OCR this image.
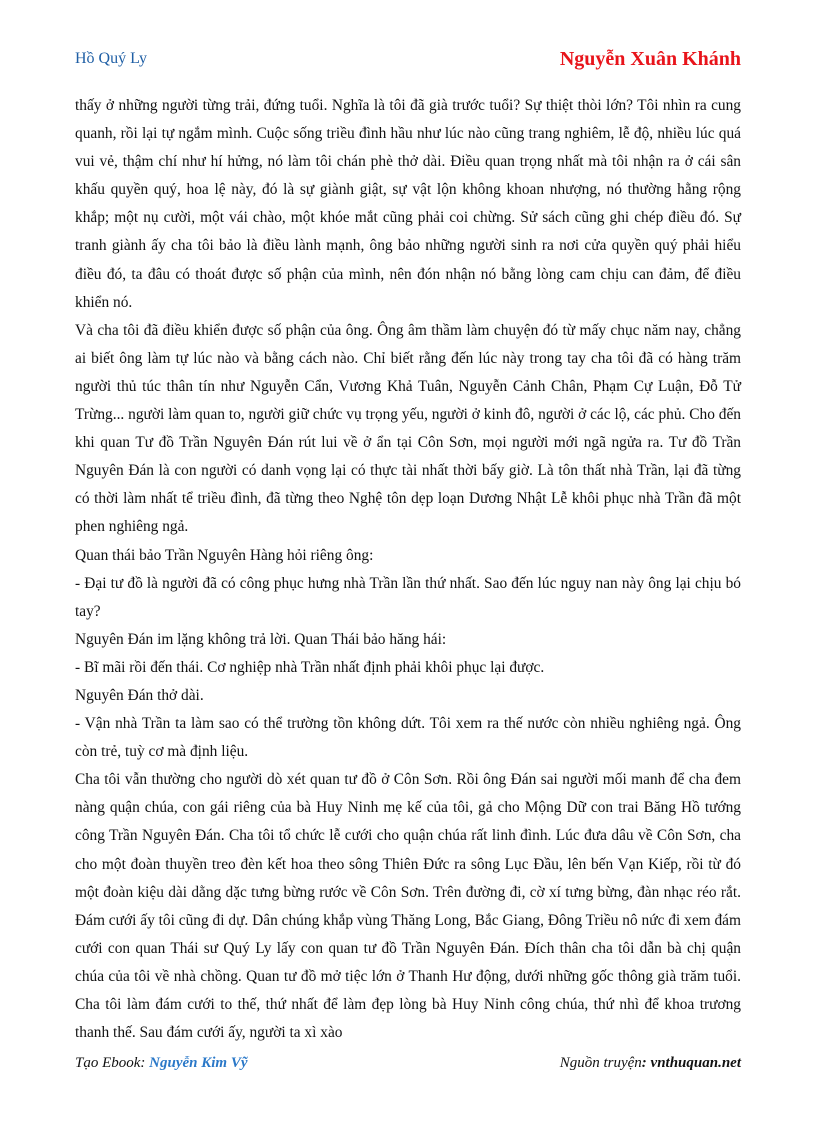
Hồ Quý Ly	Nguyễn Xuân Khánh

thấy ở những người từng trải, đứng tuổi. Nghĩa là tôi đã già trước tuổi? Sự thiệt thòi lớn? Tôi nhìn ra cung quanh, rồi lại tự ngắm mình. Cuộc sống triều đình hầu như lúc nào cũng trang nghiêm, lễ độ, nhiều lúc quá vui vẻ, thậm chí như hí hửng, nó làm tôi chán phè thở dài. Điều quan trọng nhất mà tôi nhận ra ở cái sân khấu quyền quý, hoa lệ này, đó là sự giành giật, sự vật lộn không khoan nhượng, nó thường hằng rộng khắp; một nụ cười, một vái chào, một khóe mắt cũng phải coi chừng. Sử sách cũng ghi chép điều đó. Sự tranh giành ấy cha tôi bảo là điều lành mạnh, ông bảo những người sinh ra nơi cửa quyền quý phải hiểu điều đó, ta đâu có thoát được số phận của mình, nên đón nhận nó bằng lòng cam chịu can đảm, để điều khiển nó.

Và cha tôi đã điều khiển được số phận của ông. Ông âm thầm làm chuyện đó từ mấy chục năm nay, chẳng ai biết ông làm tự lúc nào và bằng cách nào. Chỉ biết rằng đến lúc này trong tay cha tôi đã có hàng trăm người thủ túc thân tín như Nguyễn Cẩn, Vương Khả Tuân, Nguyễn Cảnh Chân, Phạm Cự Luận, Đỗ Tử Trừng... người làm quan to, người giữ chức vụ trọng yếu, người ở kinh đô, người ở các lộ, các phủ. Cho đến khi quan Tư đồ Trần Nguyên Đán rút lui về ở ẩn tại Côn Sơn, mọi người mới ngã ngửa ra. Tư đồ Trần Nguyên Đán là con người có danh vọng lại có thực tài nhất thời bấy giờ. Là tôn thất nhà Trần, lại đã từng có thời làm nhất tể triều đình, đã từng theo Nghệ tôn dẹp loạn Dương Nhật Lễ khôi phục nhà Trần đã một phen nghiêng ngả.

Quan thái bảo Trần Nguyên Hàng hỏi riêng ông:

- Đại tư đồ là người đã có công phục hưng nhà Trần lần thứ nhất. Sao đến lúc nguy nan này ông lại chịu bó tay?

Nguyên Đán im lặng không trả lời. Quan Thái bảo hăng hái:

- Bĩ mãi rồi đến thái. Cơ nghiệp nhà Trần nhất định phải khôi phục lại được.

Nguyên Đán thở dài.

- Vận nhà Trần ta làm sao có thể trường tồn không dứt. Tôi xem ra thế nước còn nhiều nghiêng ngả. Ông còn trẻ, tuỳ cơ mà định liệu.

Cha tôi vẫn thường cho người dò xét quan tư đồ ở Côn Sơn. Rồi ông Đán sai người mối manh để cha đem nàng quận chúa, con gái riêng của bà Huy Ninh mẹ kế của tôi, gả cho Mộng Dữ con trai Băng Hồ tướng công Trần Nguyên Đán. Cha tôi tổ chức lễ cưới cho quận chúa rất linh đình. Lúc đưa dâu về Côn Sơn, cha cho một đoàn thuyền treo đèn kết hoa theo sông Thiên Đức ra sông Lục Đầu, lên bến Vạn Kiếp, rồi từ đó một đoàn kiệu dài dằng dặc tưng bừng rước về Côn Sơn. Trên đường đi, cờ xí tưng bừng, đàn nhạc réo rắt. Đám cưới ấy tôi cũng đi dự. Dân chúng khắp vùng Thăng Long, Bắc Giang, Đông Triều nô nức đi xem đám cưới con quan Thái sư Quý Ly lấy con quan tư đồ Trần Nguyên Đán. Đích thân cha tôi dẫn bà chị quận chúa của tôi về nhà chồng. Quan tư đồ mở tiệc lớn ở Thanh Hư động, dưới những gốc thông già trăm tuổi. Cha tôi làm đám cưới to thế, thứ nhất để làm đẹp lòng bà Huy Ninh công chúa, thứ nhì để khoa trương thanh thế. Sau đám cưới ấy, người ta xì xào

Tạo Ebook: Nguyễn Kim Vỹ	Nguồn truyện: vnthuquan.net
